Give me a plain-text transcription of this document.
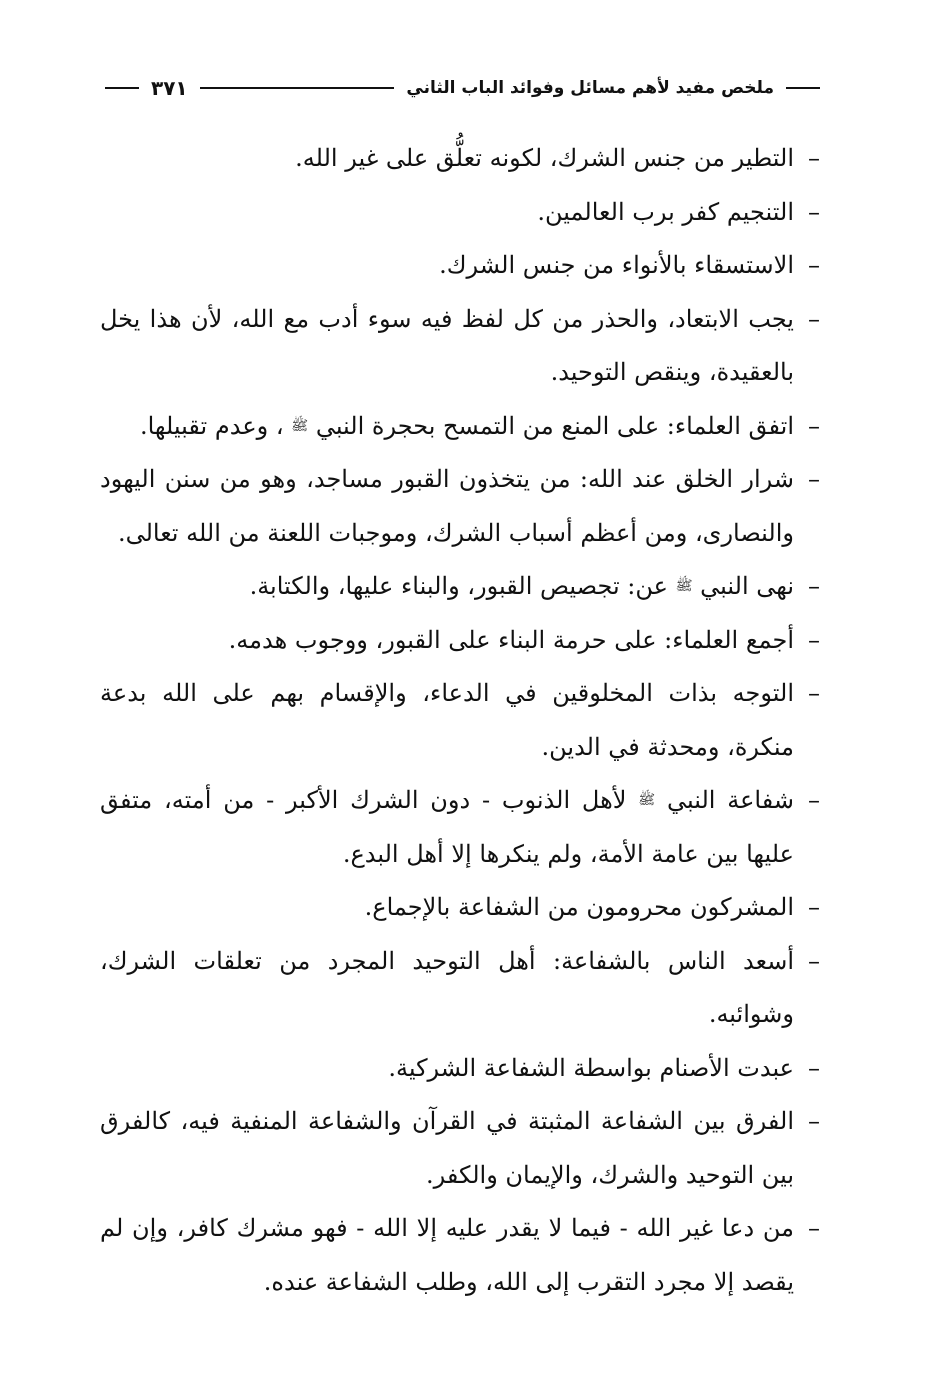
ملخص مفيد لأهم مسائل وفوائد الباب الثاني
٣٧١

– التطير من جنس الشرك، لكونه تعلُّق على غير الله.

– التنجيم كفر برب العالمين.

– الاستسقاء بالأنواء من جنس الشرك.

– يجب الابتعاد، والحذر من كل لفظ فيه سوء أدب مع الله، لأن هذا يخل بالعقيدة، وينقص التوحيد.

– اتفق العلماء: على المنع من التمسح بحجرة النبي ﷺ ، وعدم تقبيلها.

– شرار الخلق عند الله: من يتخذون القبور مساجد، وهو من سنن اليهود والنصارى، ومن أعظم أسباب الشرك، وموجبات اللعنة من الله تعالى.

– نهى النبي ﷺ عن: تجصيص القبور، والبناء عليها، والكتابة.

– أجمع العلماء: على حرمة البناء على القبور، ووجوب هدمه.

– التوجه بذات المخلوقين في الدعاء، والإقسام بهم على الله بدعة منكرة، ومحدثة في الدين.

– شفاعة النبي ﷺ لأهل الذنوب - دون الشرك الأكبر - من أمته، متفق عليها بين عامة الأمة، ولم ينكرها إلا أهل البدع.

– المشركون محرومون من الشفاعة بالإجماع.

– أسعد الناس بالشفاعة: أهل التوحيد المجرد من تعلقات الشرك، وشوائبه.

– عبدت الأصنام بواسطة الشفاعة الشركية.

– الفرق بين الشفاعة المثبتة في القرآن والشفاعة المنفية فيه، كالفرق بين التوحيد والشرك، والإيمان والكفر.

– من دعا غير الله - فيما لا يقدر عليه إلا الله - فهو مشرك كافر، وإن لم يقصد إلا مجرد التقرب إلى الله، وطلب الشفاعة عنده.
